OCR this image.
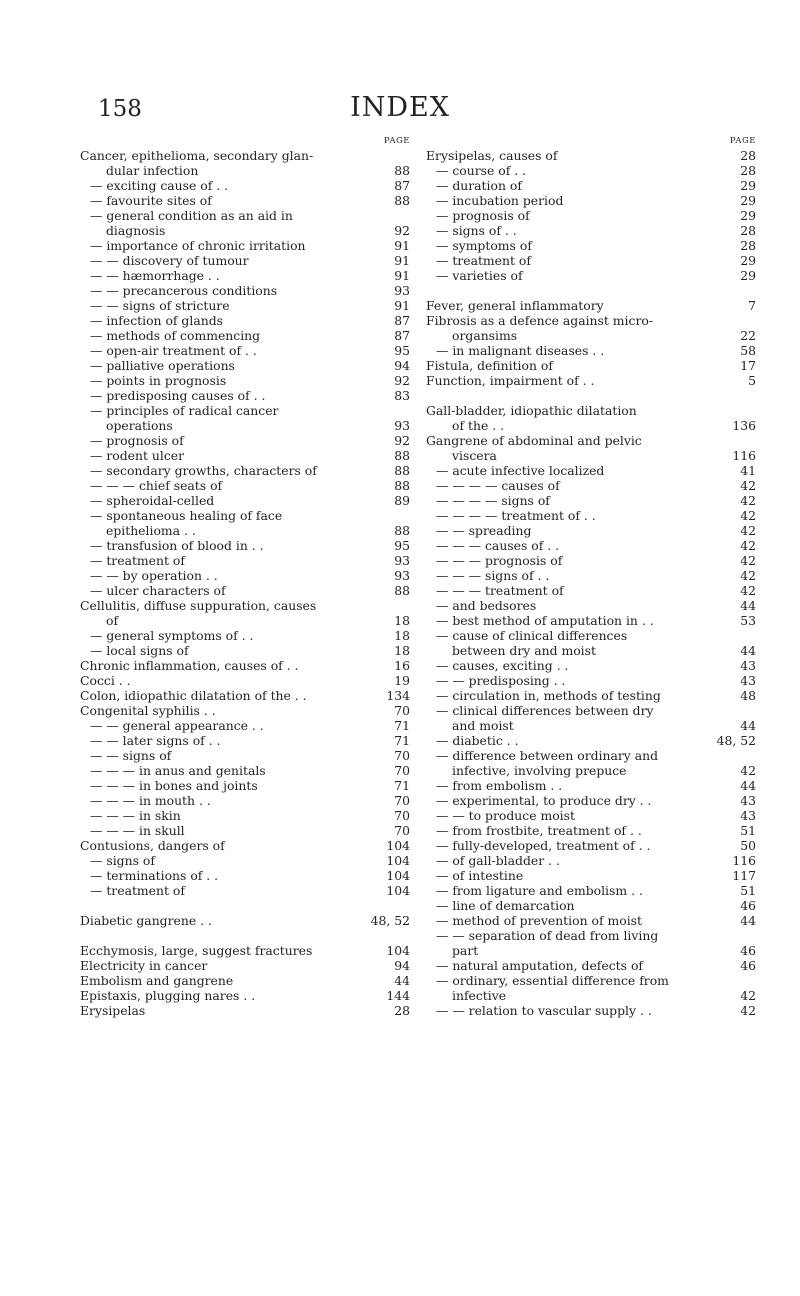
158	INDEX
PAGE
Cancer, epithelioma, secondary glan-
dular infection	88
— exciting cause of . .	87
— favourite sites of	88
— general condition as an aid in
diagnosis	92
— importance of chronic irritation	91
— — discovery of tumour	91
— — hæmorrhage . .	91
— — precancerous conditions	93
— — signs of stricture	91
— infection of glands	87
— methods of commencing	87
— open-air treatment of . .	95
— palliative operations	94
— points in prognosis	92
— predisposing causes of . .	83
— principles of radical cancer
operations	93
— prognosis of	92
— rodent ulcer	88
— secondary growths, characters of	88
— — — chief seats of	88
— spheroidal-celled	89
— spontaneous healing of face
epithelioma . .	88
— transfusion of blood in . .	95
— treatment of	93
— — by operation . .	93
— ulcer characters of	88
Cellulitis, diffuse suppuration, causes
of	18
— general symptoms of . .	18
— local signs of	18
Chronic inflammation, causes of . .	16
Cocci . .	19
Colon, idiopathic dilatation of the . .	134
Congenital syphilis . .	70
— — general appearance . .	71
— — later signs of . .	71
— — signs of	70
— — — in anus and genitals	70
— — — in bones and joints	71
— — — in mouth . .	70
— — — in skin	70
— — — in skull	70
Contusions, dangers of	104
— signs of	104
— terminations of . .	104
— treatment of	104
Diabetic gangrene . .	48, 52
Ecchymosis, large, suggest fractures	104
Electricity in cancer	94
Embolism and gangrene	44
Epistaxis, plugging nares . .	144
Erysipelas	28
PAGE
Erysipelas, causes of	28
— course of . .	28
— duration of	29
— incubation period	29
— prognosis of	29
— signs of . .	28
— symptoms of	28
— treatment of	29
— varieties of	29
Fever, general inflammatory	7
Fibrosis as a defence against micro-
organsims	22
— in malignant diseases . .	58
Fistula, definition of	17
Function, impairment of . .	5
Gall-bladder, idiopathic dilatation
of the . .	136
Gangrene of abdominal and pelvic
viscera	116
— acute infective localized	41
— — — — causes of	42
— — — — signs of	42
— — — — treatment of . .	42
— — spreading	42
— — — causes of . .	42
— — — prognosis of	42
— — — signs of . .	42
— — — treatment of	42
— and bedsores	44
— best method of amputation in . .	53
— cause of clinical differences
between dry and moist	44
— causes, exciting . .	43
— — predisposing . .	43
— circulation in, methods of testing	48
— clinical differences between dry
and moist	44
— diabetic . .	48, 52
— difference between ordinary and
infective, involving prepuce	42
— from embolism . .	44
— experimental, to produce dry . .	43
— — to produce moist	43
— from frostbite, treatment of . .	51
— fully-developed, treatment of . .	50
— of gall-bladder . .	116
— of intestine	117
— from ligature and embolism . .	51
— line of demarcation	46
— method of prevention of moist	44
— — separation of dead from living
part	46
— natural amputation, defects of	46
— ordinary, essential difference from
infective	42
— — relation to vascular supply . .	42
